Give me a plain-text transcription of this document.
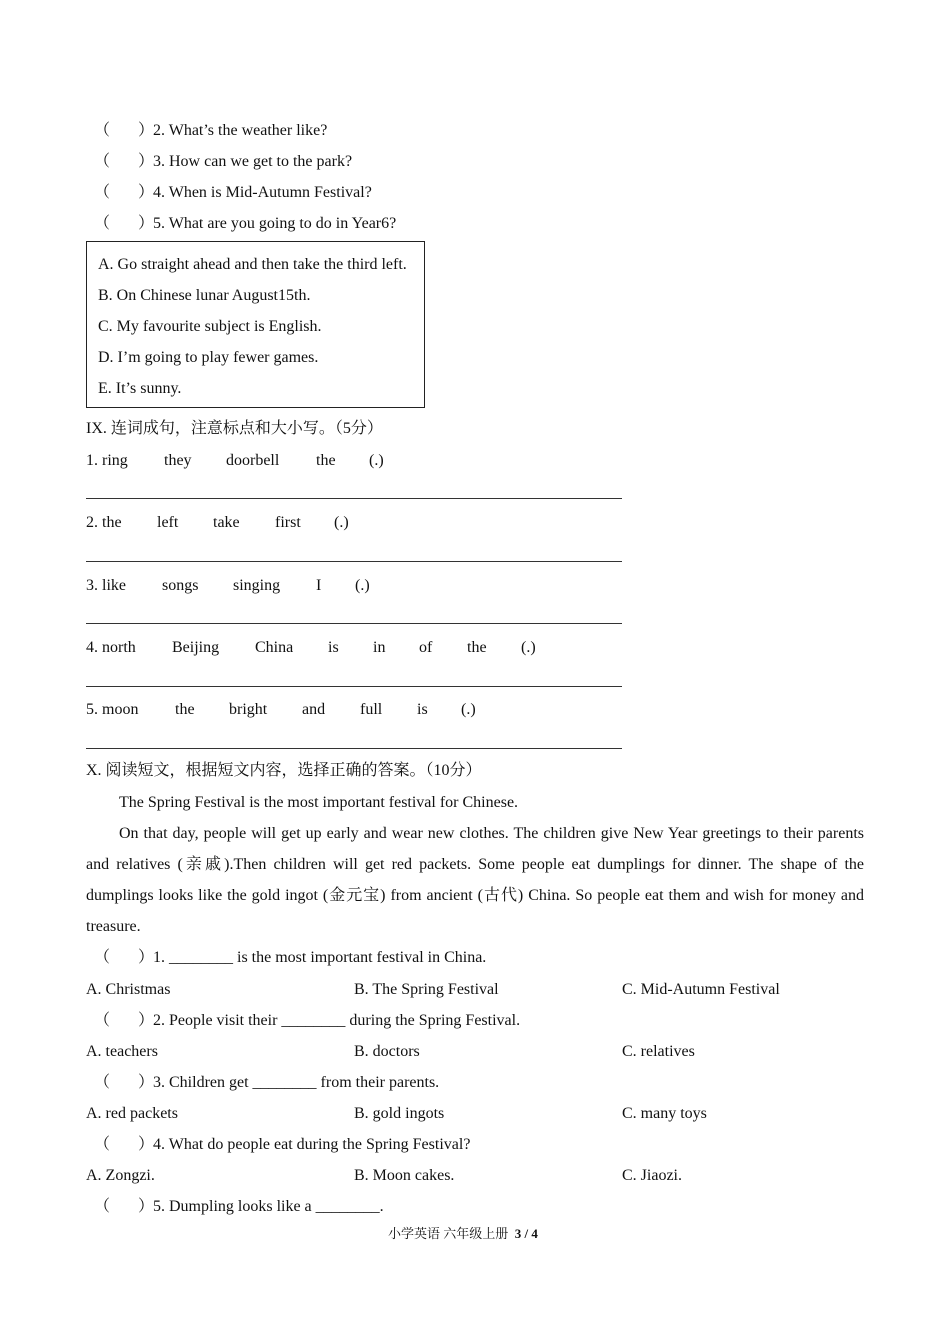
（ ）2. What’s the weather like?
（ ）3. How can we get to the park?
（ ）4. When is Mid-Autumn Festival?
（ ）5. What are you going to do in Year6?
A. Go straight ahead and then take the third left.
B. On Chinese lunar August15th.
C. My favourite subject is English.
D. I’m going to play fewer games.
E. It’s sunny.
IX. 连词成句，注意标点和大小写。（5分）
1. ring they doorbell the (.)
2. the left take first (.)
3. like songs singing I (.)
4. north Beijing China is in of the (.)
5. moon the bright and full is (.)
X. 阅读短文，根据短文内容，选择正确的答案。（10分）
The Spring Festival is the most important festival for Chinese.
On that day, people will get up early and wear new clothes. The children give New Year greetings to their parents and relatives (亲戚).Then children will get red packets. Some people eat dumplings for dinner. The shape of the dumplings looks like the gold ingot (金元宝) from ancient (古代) China. So people eat them and wish for money and treasure.
（ ）1. ________ is the most important festival in China.
A. Christmas	B. The Spring Festival	C. Mid-Autumn Festival
（ ）2. People visit their ________ during the Spring Festival.
A. teachers	B. doctors	C. relatives
（ ）3. Children get ________ from their parents.
A. red packets	B. gold ingots	C. many toys
（ ）4. What do people eat during the Spring Festival?
A. Zongzi.	B. Moon cakes.	C. Jiaozi.
（ ）5. Dumpling looks like a ________.
小学英语 六年级上册 3 / 4
